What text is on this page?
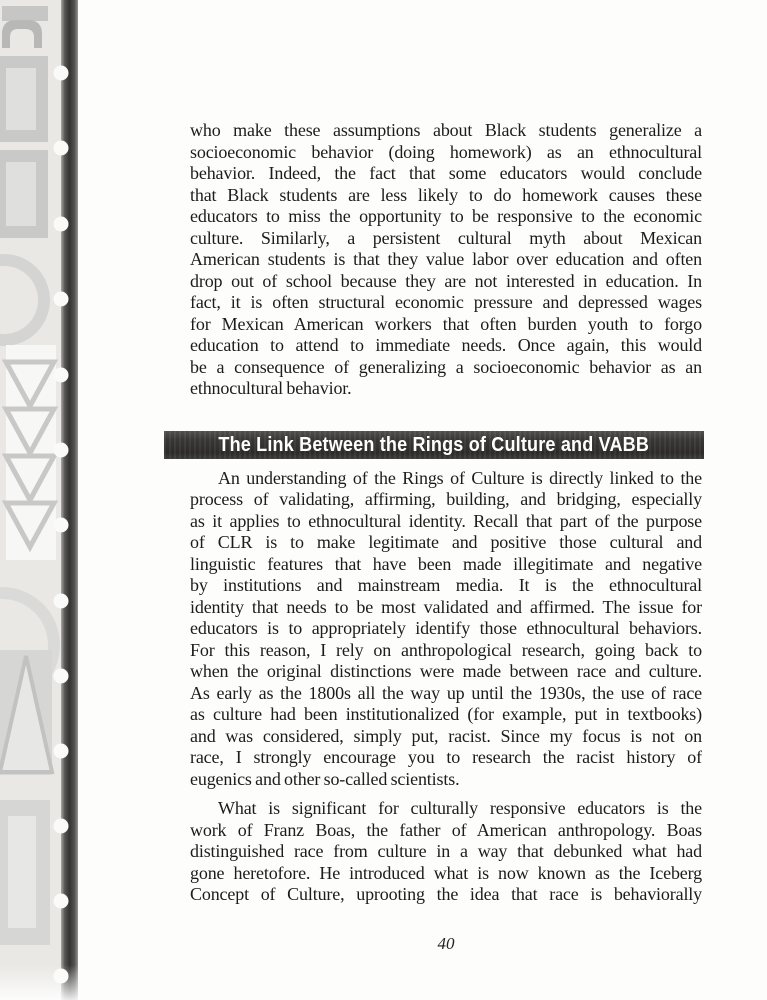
who make these assumptions about Black students generalize a
socioeconomic behavior (doing homework) as an ethnocultural
behavior. Indeed, the fact that some educators would conclude
that Black students are less likely to do homework causes these
educators to miss the opportunity to be responsive to the economic
culture. Similarly, a persistent cultural myth about Mexican
American students is that they value labor over education and often
drop out of school because they are not interested in education. In
fact, it is often structural economic pressure and depressed wages
for Mexican American workers that often burden youth to forgo
education to attend to immediate needs. Once again, this would
be a consequence of generalizing a socioeconomic behavior as an
ethnocultural behavior.
The Link Between the Rings of Culture and VABB
An understanding of the Rings of Culture is directly linked to the
process of validating, affirming, building, and bridging, especially
as it applies to ethnocultural identity. Recall that part of the purpose
of CLR is to make legitimate and positive those cultural and
linguistic features that have been made illegitimate and negative
by institutions and mainstream media. It is the ethnocultural
identity that needs to be most validated and affirmed. The issue for
educators is to appropriately identify those ethnocultural behaviors.
For this reason, I rely on anthropological research, going back to
when the original distinctions were made between race and culture.
As early as the 1800s all the way up until the 1930s, the use of race
as culture had been institutionalized (for example, put in textbooks)
and was considered, simply put, racist. Since my focus is not on
race, I strongly encourage you to research the racist history of
eugenics and other so-called scientists.
What is significant for culturally responsive educators is the
work of Franz Boas, the father of American anthropology. Boas
distinguished race from culture in a way that debunked what had
gone heretofore. He introduced what is now known as the Iceberg
Concept of Culture, uprooting the idea that race is behaviorally
40
